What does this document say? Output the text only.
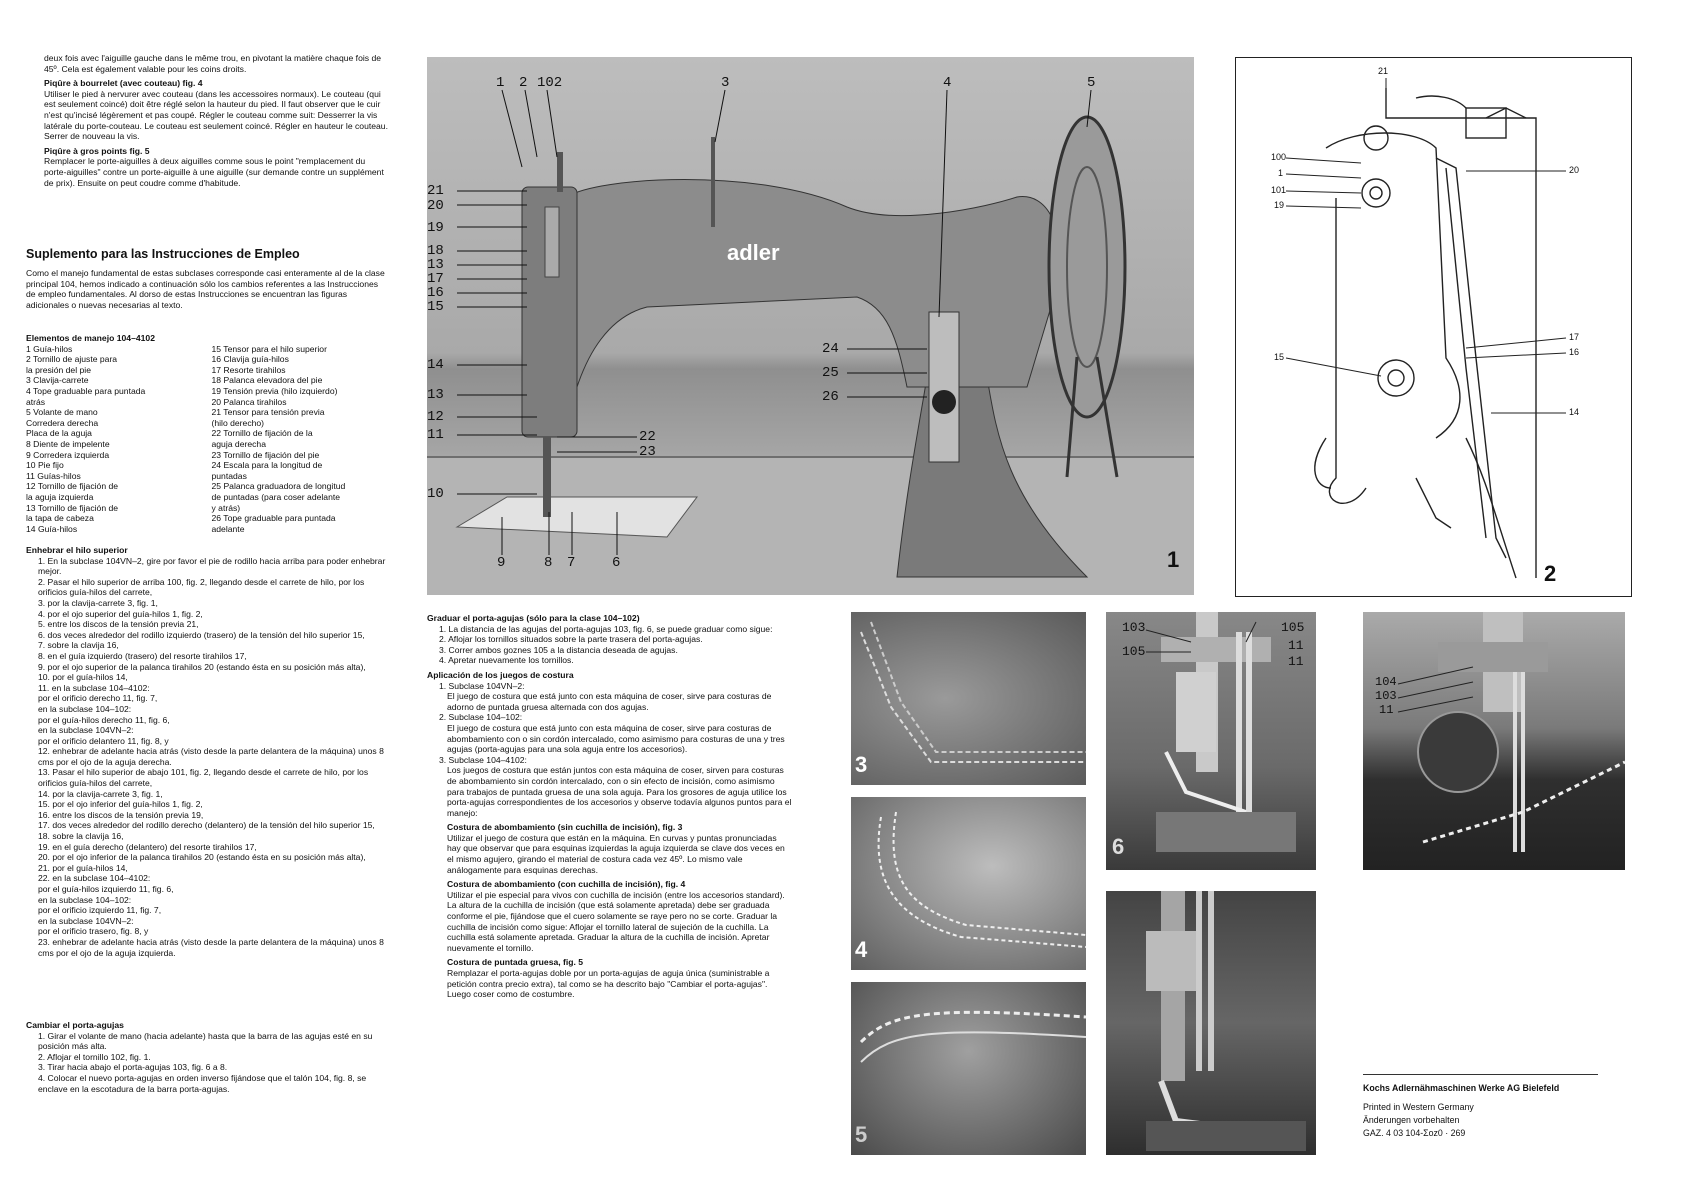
deux fois avec l'aiguille gauche dans le même trou, en pivotant la matière chaque fois de 45º. Cela est également valable pour les coins droits.

Piqûre à bourrelet (avec couteau) fig. 4

Utiliser le pied à nervurer avec couteau (dans les accessoires normaux). Le couteau (qui est seulement coincé) doit être réglé selon la hauteur du pied. Il faut observer que le cuir n'est qu'incisé légèrement et pas coupé. Régler le couteau comme suit: Desserrer la vis latérale du porte-couteau. Le couteau est seulement coincé. Régler en hauteur le couteau. Serrer de nouveau la vis.

Piqûre à gros points fig. 5

Remplacer le porte-aiguilles à deux aiguilles comme sous le point "remplacement du porte-aiguilles" contre un porte-aiguille à une aiguille (sur demande contre un supplément de prix). Ensuite on peut coudre comme d'habitude.

Suplemento para las Instrucciones de Empleo
Como el manejo fundamental de estas subclases corresponde casi enteramente al de la clase principal 104, hemos indicado a continuación sólo los cambios referentes a las Instrucciones de empleo fundamentales. Al dorso de estas Instrucciones se encuentran las figuras adicionales o nuevas necesarias al texto.

Elementos de manejo 104–4102

1 Guía-hilos

2 Tornillo de ajuste para

la presión del pie

3 Clavija-carrete

4 Tope graduable para puntada

atrás

5 Volante de mano

Corredera derecha

Placa de la aguja

8 Diente de impelente

9 Corredera izquierda

10 Pie fijo

11 Guías-hilos

12 Tornillo de fijación de

la aguja izquierda

13 Tornillo de fijación de

la tapa de cabeza

14 Guía-hilos

15 Tensor para el hilo superior

16 Clavija guía-hilos

17 Resorte tirahilos

18 Palanca elevadora del pie

19 Tensión previa (hilo izquierdo)

20 Palanca tirahilos

21 Tensor para tensión previa

(hilo derecho)

22 Tornillo de fijación de la

aguja derecha

23 Tornillo de fijación del pie

24 Escala para la longitud de

puntadas

25 Palanca graduadora de longitud

de puntadas (para coser adelante

y atrás)

26 Tope graduable para puntada

adelante

Enhebrar el hilo superior

1. En la subclase 104VN–2, gire por favor el pie de rodillo hacia arriba para poder enhebrar mejor.

2. Pasar el hilo superior de arriba 100, fig. 2, llegando desde el carrete de hilo, por los orificios guía-hilos del carrete,

3. por la clavija-carrete 3, fig. 1,

4. por el ojo superior del guía-hilos 1, fig. 2,

5. entre los discos de la tensión previa 21,

6. dos veces alrededor del rodillo izquierdo (trasero) de la tensión del hilo superior 15,

7. sobre la clavija 16,

8. en el guía izquierdo (trasero) del resorte tirahilos 17,

9. por el ojo superior de la palanca tirahilos 20 (estando ésta en su posición más alta),

10. por el guía-hilos 14,

11. en la subclase 104–4102:

por el orificio derecho 11, fig. 7,

en la subclase 104–102:

por el guía-hilos derecho 11, fig. 6,

en la subclase 104VN–2:

por el orificio delantero 11, fig. 8, y

12. enhebrar de adelante hacia atrás (visto desde la parte delantera de la máquina) unos 8 cms por el ojo de la aguja derecha.

13. Pasar el hilo superior de abajo 101, fig. 2, llegando desde el carrete de hilo, por los orificios guía-hilos del carrete,

14. por la clavija-carrete 3, fig. 1,

15. por el ojo inferior del guía-hilos 1, fig. 2,

16. entre los discos de la tensión previa 19,

17. dos veces alrededor del rodillo derecho (delantero) de la tensión del hilo superior 15,

18. sobre la clavija 16,

19. en el guía derecho (delantero) del resorte tirahilos 17,

20. por el ojo inferior de la palanca tirahilos 20 (estando ésta en su posición más alta),

21. por el guía-hilos 14,

22. en la subclase 104–4102:

por el guía-hilos izquierdo 11, fig. 6,

en la subclase 104–102:

por el orificio izquierdo 11, fig. 7,

en la subclase 104VN–2:

por el orificio trasero, fig. 8, y

23. enhebrar de adelante hacia atrás (visto desde la parte delantera de la máquina) unos 8 cms por el ojo de la aguja izquierda.

Cambiar el porta-agujas

1. Girar el volante de mano (hacia adelante) hasta que la barra de las agujas esté en su posición más alta.

2. Aflojar el tornillo 102, fig. 1.

3. Tirar hacia abajo el porta-agujas 103, fig. 6 a 8.

4. Colocar el nuevo porta-agujas en orden inverso fijándose que el talón 104, fig. 8, se enclave en la escotadura de la barra porta-agujas.

adler
1
1 2 102	3	4	5
21
20
19
18
13
17
16
15
14
13
12
11
10
22
23
24
25
26
9	8 7	6
21
100
1
101
19
15
20
17
16
14
2

Graduar el porta-agujas (sólo para la clase 104–102)

1. La distancia de las agujas del porta-agujas 103, fig. 6, se puede graduar como sigue:

2. Aflojar los tornillos situados sobre la parte trasera del porta-agujas.

3. Correr ambos goznes 105 a la distancia deseada de agujas.

4. Apretar nuevamente los tornillos.

Aplicación de los juegos de costura

1. Subclase 104VN–2:

El juego de costura que está junto con esta máquina de coser, sirve para costuras de adorno de puntada gruesa alternada con dos agujas.

2. Subclase 104–102:

El juego de costura que está junto con esta máquina de coser, sirve para costuras de abombamiento con o sin cordón intercalado, como asimismo para costuras de una y tres agujas (porta-agujas para una sola aguja entre los accesorios).

3. Subclase 104–4102:

Los juegos de costura que están juntos con esta máquina de coser, sirven para costuras de abombamiento sin cordón intercalado, con o sin efecto de incisión, como asimismo para trabajos de puntada gruesa de una sola aguja. Para los grosores de aguja utilice los porta-agujas correspondientes de los accesorios y observe todavía algunos puntos para el manejo:

Costura de abombamiento (sin cuchilla de incisión), fig. 3

Utilizar el juego de costura que están en la máquina. En curvas y puntas pronunciadas hay que observar que para esquinas izquierdas la aguja izquierda se clave dos veces en el mismo agujero, girando el material de costura cada vez 45º. Lo mismo vale análogamente para esquinas derechas.

Costura de abombamiento (con cuchilla de incisión), fig. 4

Utilizar el pie especial para vivos con cuchilla de incisión (entre los accesorios standard). La altura de la cuchilla de incisión (que está solamente apretada) debe ser graduada conforme el pie, fijándose que el cuero solamente se raye pero no se corte. Graduar la cuchilla de incisión como sigue: Aflojar el tornillo lateral de sujeción de la cuchilla. La cuchilla está solamente apretada. Graduar la altura de la cuchilla de incisión. Apretar nuevamente el tornillo.

Costura de puntada gruesa, fig. 5

Remplazar el porta-agujas doble por un porta-agujas de aguja única (suministrable a petición contra precio extra), tal como se ha descrito bajo "Cambiar el porta-agujas". Luego coser como de costumbre.

3
4
5
103
105
105
11
11
6
104
103
11

Kochs Adlernähmaschinen Werke AG Bielefeld

Printed in Western Germany

Änderungen vorbehalten

GAZ. 4 03 104-Σoz0 · 269
